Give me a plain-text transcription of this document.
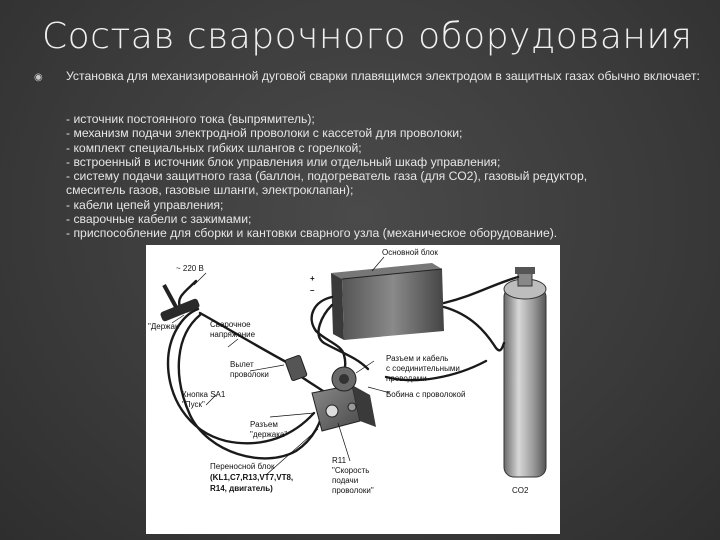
Состав сварочного оборудования
◉ Установка для механизированной дуговой сварки плавящимся электродом в защитных газах обычно включает:
- источник постоянного тока (выпрямитель);
- механизм подачи электродной проволоки с кассетой для проволоки;
- комплект специальных гибких шлангов с горелкой;
- встроенный в источник блок управления или отдельный шкаф управления;
- систему подачи защитного газа (баллон, подогреватель газа (для СО2), газовый редуктор,
смеситель газов, газовые шланги, электроклапан);
- кабели цепей управления;
- сварочные кабели с зажимами;
- приспособление для сборки и кантовки сварного узла (механическое оборудование).
~ 220 В
+
–
Основной блок
"Держак"	Сварочное
напряжение
Вылет
проволоки
Разъем и кабель
с соединительными
проводами
Бобина с проволокой
Кнопка SA1
"Пуск"
Разъем
"держака"
Переносной блок
(KL1,C7,R13,VT7,VT8,
R14, двигатель)
R11
"Скорость
подачи
проволоки"	CO2
